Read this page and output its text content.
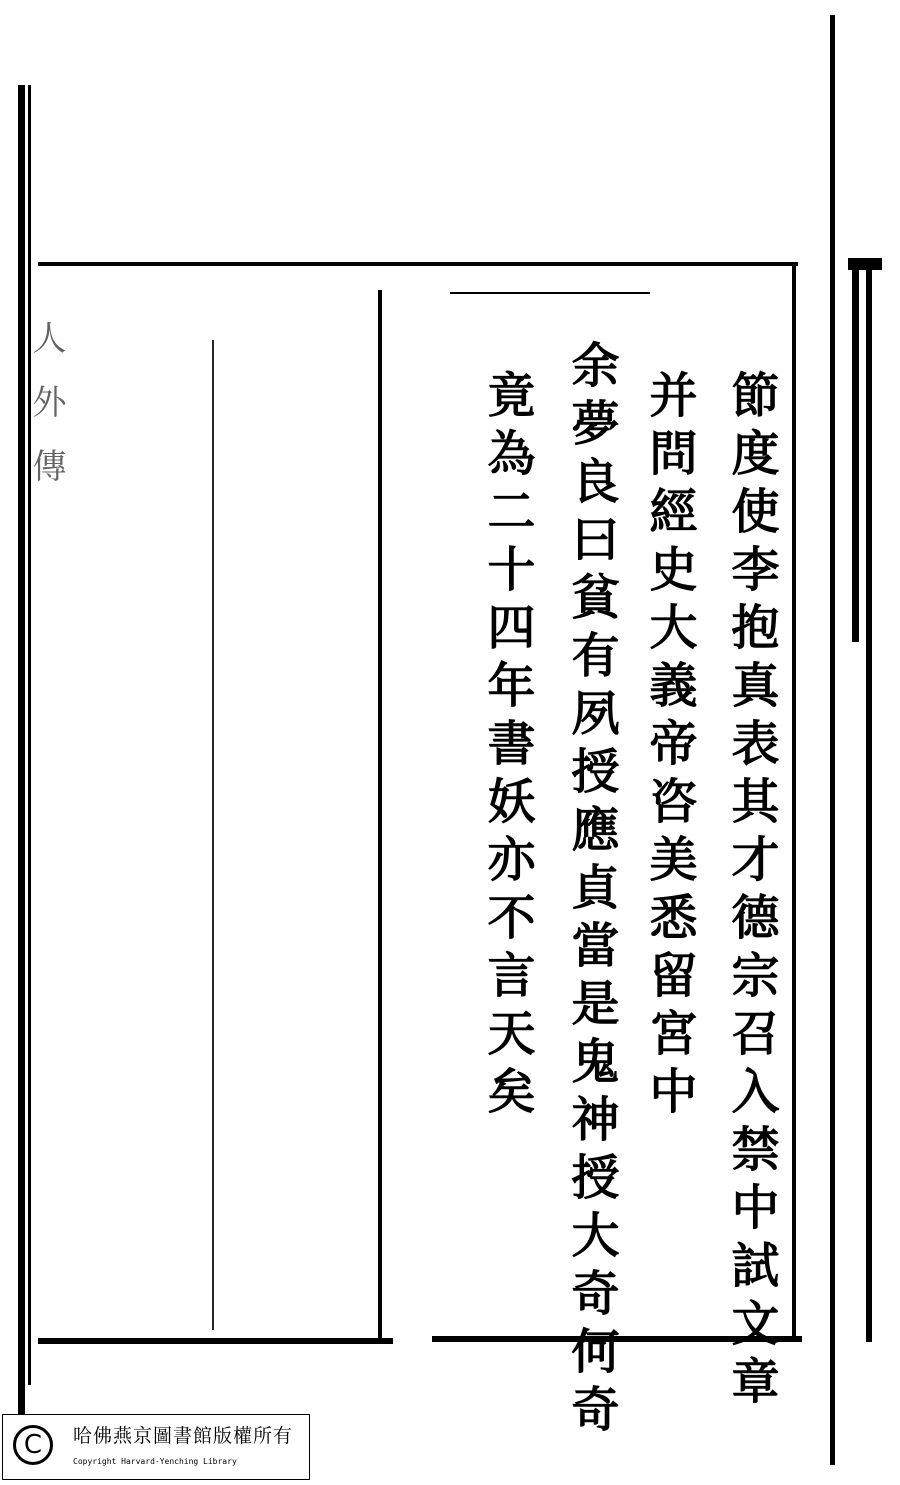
人外傳	節度使李抱真表其才德宗召入禁中試文章
并問經史大義帝咨美悉留宮中
余夢良曰貧有夙授應貞當是鬼神授大奇何奇
竟為二十四年書妖亦不言天矣
C	哈佛燕京圖書館版權所有
Copyright Harvard-Yenching Library
